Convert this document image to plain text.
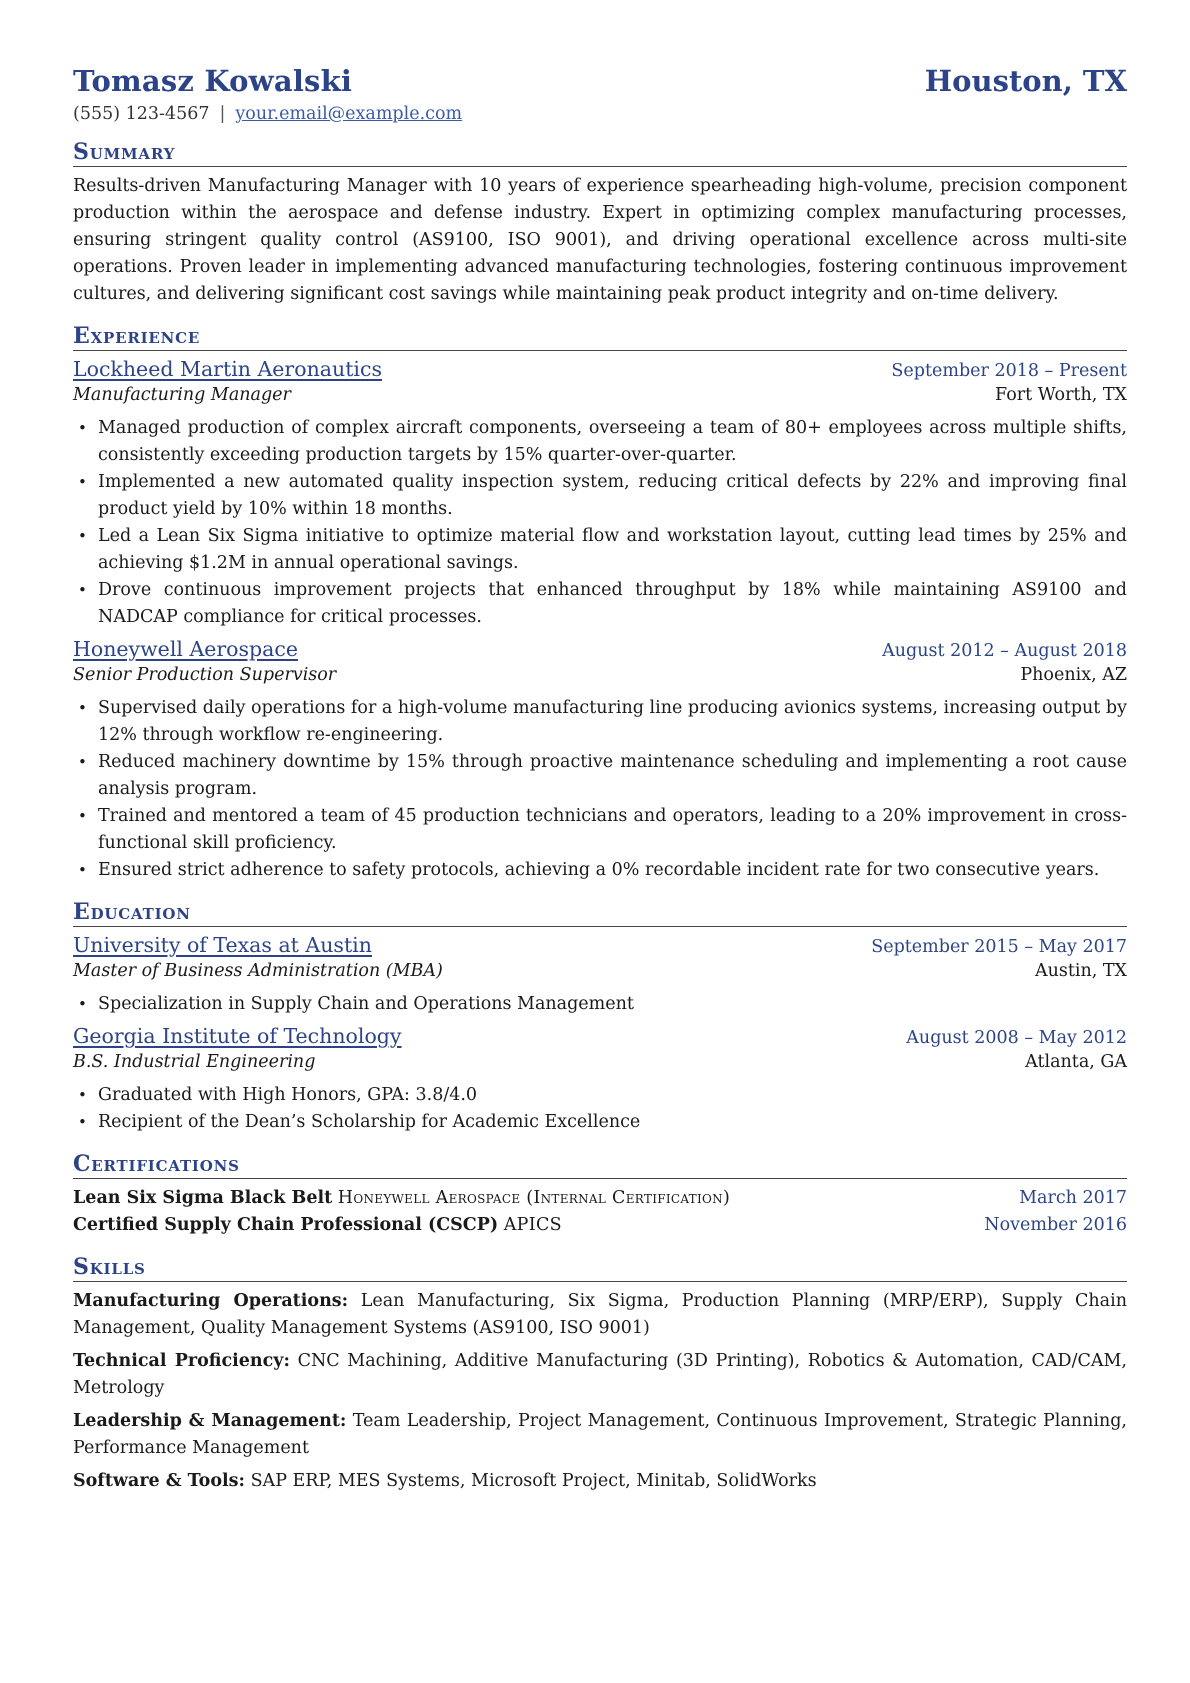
Tomasz Kowalski	Houston, TX
(555) 123-4567 | your.email@example.com
Summary
Results-driven Manufacturing Manager with 10 years of experience spearheading high-volume, precision component production within the aerospace and defense industry. Expert in optimizing complex manufacturing processes, ensuring stringent quality control (AS9100, ISO 9001), and driving operational excellence across multi-site operations. Proven leader in implementing advanced manufacturing technologies, fostering continuous improvement cultures, and delivering significant cost savings while maintaining peak product integrity and on-time delivery.
Experience
Lockheed Martin Aeronautics	September 2018 – Present
Manufacturing Manager	Fort Worth, TX
• Managed production of complex aircraft components, overseeing a team of 80+ employees across multiple shifts, consistently exceeding production targets by 15% quarter-over-quarter.
• Implemented a new automated quality inspection system, reducing critical defects by 22% and improving final product yield by 10% within 18 months.
• Led a Lean Six Sigma initiative to optimize material flow and workstation layout, cutting lead times by 25% and achieving $1.2M in annual operational savings.
• Drove continuous improvement projects that enhanced throughput by 18% while maintaining AS9100 and NADCAP compliance for critical processes.
Honeywell Aerospace	August 2012 – August 2018
Senior Production Supervisor	Phoenix, AZ
• Supervised daily operations for a high-volume manufacturing line producing avionics systems, increasing output by 12% through workflow re-engineering.
• Reduced machinery downtime by 15% through proactive maintenance scheduling and implementing a root cause analysis program.
• Trained and mentored a team of 45 production technicians and operators, leading to a 20% improvement in cross-functional skill proficiency.
• Ensured strict adherence to safety protocols, achieving a 0% recordable incident rate for two consecutive years.
Education
University of Texas at Austin	September 2015 – May 2017
Master of Business Administration (MBA)	Austin, TX
• Specialization in Supply Chain and Operations Management
Georgia Institute of Technology	August 2008 – May 2012
B.S. Industrial Engineering	Atlanta, GA
• Graduated with High Honors, GPA: 3.8/4.0
• Recipient of the Dean’s Scholarship for Academic Excellence
Certifications
Lean Six Sigma Black Belt Honeywell Aerospace (Internal Certification)	March 2017
Certified Supply Chain Professional (CSCP) APICS	November 2016
Skills
Manufacturing Operations: Lean Manufacturing, Six Sigma, Production Planning (MRP/ERP), Supply Chain Management, Quality Management Systems (AS9100, ISO 9001)
Technical Proficiency: CNC Machining, Additive Manufacturing (3D Printing), Robotics & Automation, CAD/CAM, Metrology
Leadership & Management: Team Leadership, Project Management, Continuous Improvement, Strategic Planning, Performance Management
Software & Tools: SAP ERP, MES Systems, Microsoft Project, Minitab, SolidWorks
